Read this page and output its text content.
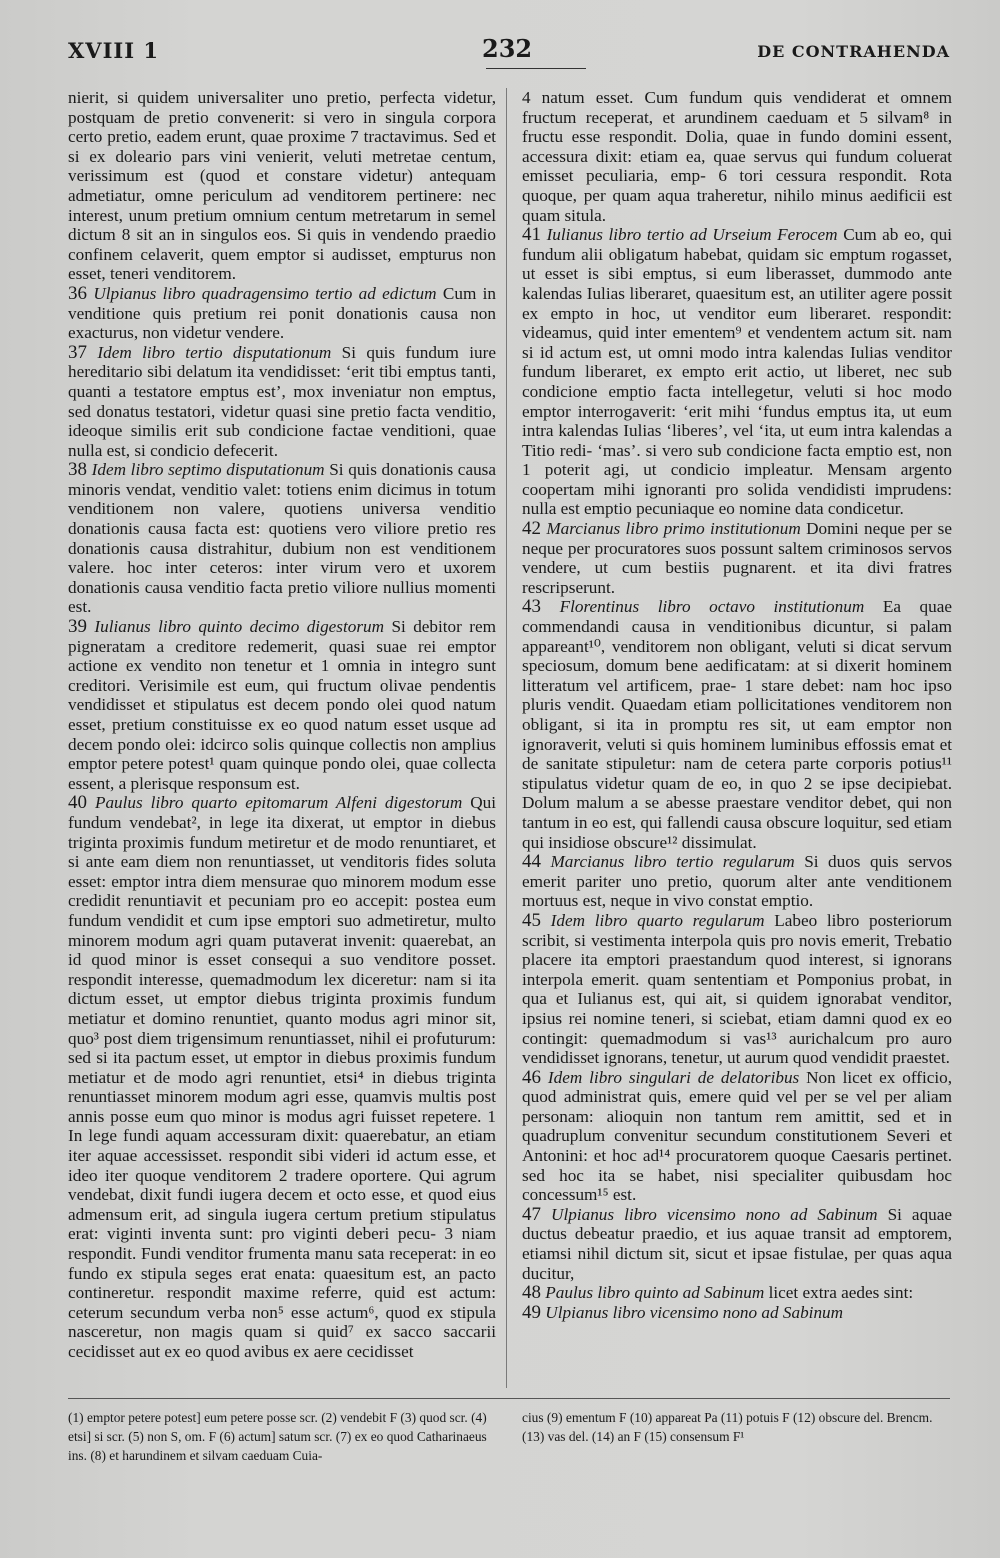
XVIII 1	232	DE CONTRAHENDA

nierit, si quidem universaliter uno pretio, perfecta videtur, postquam de pretio convenerit: si vero in singula corpora certo pretio, eadem erunt, quae proxime 7 tractavimus. Sed et si ex doleario pars vini venierit, veluti metretae centum, verissimum est (quod et constare videtur) antequam admetiatur, omne periculum ad venditorem pertinere: nec interest, unum pretium omnium centum metretarum in semel dictum 8 sit an in singulos eos. Si quis in vendendo praedio confinem celaverit, quem emptor si audisset, empturus non esset, teneri venditorem.

36 Ulpianus libro quadragensimo tertio ad edictum Cum in venditione quis pretium rei ponit donationis causa non exacturus, non videtur vendere.

37 Idem libro tertio disputationum Si quis fundum iure hereditario sibi delatum ita vendidisset: ‘erit tibi emptus tanti, quanti a testatore emptus est’, mox inveniatur non emptus, sed donatus testatori, videtur quasi sine pretio facta venditio, ideoque similis erit sub condicione factae venditioni, quae nulla est, si condicio defecerit.

38 Idem libro septimo disputationum Si quis donationis causa minoris vendat, venditio valet: totiens enim dicimus in totum venditionem non valere, quotiens universa venditio donationis causa facta est: quotiens vero viliore pretio res donationis causa distrahitur, dubium non est venditionem valere. hoc inter ceteros: inter virum vero et uxorem donationis causa venditio facta pretio viliore nullius momenti est.

39 Iulianus libro quinto decimo digestorum Si debitor rem pigneratam a creditore redemerit, quasi suae rei emptor actione ex vendito non tenetur et 1 omnia in integro sunt creditori. Verisimile est eum, qui fructum olivae pendentis vendidisset et stipulatus est decem pondo olei quod natum esset, pretium constituisse ex eo quod natum esset usque ad decem pondo olei: idcirco solis quinque collectis non amplius emptor petere potest¹ quam quinque pondo olei, quae collecta essent, a plerisque responsum est.

40 Paulus libro quarto epitomarum Alfeni digestorum Qui fundum vendebat², in lege ita dixerat, ut emptor in diebus triginta proximis fundum metiretur et de modo renuntiaret, et si ante eam diem non renuntiasset, ut venditoris fides soluta esset: emptor intra diem mensurae quo minorem modum esse credidit renuntiavit et pecuniam pro eo accepit: postea eum fundum vendidit et cum ipse emptori suo admetiretur, multo minorem modum agri quam putaverat invenit: quaerebat, an id quod minor is esset consequi a suo venditore posset. respondit interesse, quemadmodum lex diceretur: nam si ita dictum esset, ut emptor diebus triginta proximis fundum metiatur et domino renuntiet, quanto modus agri minor sit, quo³ post diem trigensimum renuntiasset, nihil ei profuturum: sed si ita pactum esset, ut emptor in diebus proximis fundum metiatur et de modo agri renuntiet, etsi⁴ in diebus triginta renuntiasset minorem modum agri esse, quamvis multis post annis posse eum quo minor is modus agri fuisset repetere. 1 In lege fundi aquam accessuram dixit: quaerebatur, an etiam iter aquae accessisset. respondit sibi videri id actum esse, et ideo iter quoque venditorem 2 tradere oportere. Qui agrum vendebat, dixit fundi iugera decem et octo esse, et quod eius admensum erit, ad singula iugera certum pretium stipulatus erat: viginti inventa sunt: pro viginti deberi pecu- 3 niam respondit. Fundi venditor frumenta manu sata receperat: in eo fundo ex stipula seges erat enata: quaesitum est, an pacto contineretur. respondit maxime referre, quid est actum: ceterum secundum verba non⁵ esse actum⁶, quod ex stipula nasceretur, non magis quam si quid⁷ ex sacco saccarii cecidisset aut ex eo quod avibus ex aere cecidisset

4 natum esset. Cum fundum quis vendiderat et omnem fructum receperat, et arundinem caeduam et 5 silvam⁸ in fructu esse respondit. Dolia, quae in fundo domini essent, accessura dixit: etiam ea, quae servus qui fundum coluerat emisset peculiaria, emp- 6 tori cessura respondit. Rota quoque, per quam aqua traheretur, nihilo minus aedificii est quam situla.

41 Iulianus libro tertio ad Urseium Ferocem Cum ab eo, qui fundum alii obligatum habebat, quidam sic emptum rogasset, ut esset is sibi emptus, si eum liberasset, dummodo ante kalendas Iulias liberaret, quaesitum est, an utiliter agere possit ex empto in hoc, ut venditor eum liberaret. respondit: videamus, quid inter ementem⁹ et vendentem actum sit. nam si id actum est, ut omni modo intra kalendas Iulias venditor fundum liberaret, ex empto erit actio, ut liberet, nec sub condicione emptio facta intellegetur, veluti si hoc modo emptor interrogaverit: ‘erit mihi ‘fundus emptus ita, ut eum intra kalendas Iulias ‘liberes’, vel ‘ita, ut eum intra kalendas a Titio redi- ‘mas’. si vero sub condicione facta emptio est, non 1 poterit agi, ut condicio impleatur. Mensam argento coopertam mihi ignoranti pro solida vendidisti imprudens: nulla est emptio pecuniaque eo nomine data condicetur.

42 Marcianus libro primo institutionum Domini neque per se neque per procuratores suos possunt saltem criminosos servos vendere, ut cum bestiis pugnarent. et ita divi fratres rescripserunt.

43 Florentinus libro octavo institutionum Ea quae commendandi causa in venditionibus dicuntur, si palam appareant¹⁰, venditorem non obligant, veluti si dicat servum speciosum, domum bene aedificatam: at si dixerit hominem litteratum vel artificem, prae- 1 stare debet: nam hoc ipso pluris vendit. Quaedam etiam pollicitationes venditorem non obligant, si ita in promptu res sit, ut eam emptor non ignoraverit, veluti si quis hominem luminibus effossis emat et de sanitate stipuletur: nam de cetera parte corporis potius¹¹ stipulatus videtur quam de eo, in quo 2 se ipse decipiebat. Dolum malum a se abesse praestare venditor debet, qui non tantum in eo est, qui fallendi causa obscure loquitur, sed etiam qui insidiose obscure¹² dissimulat.

44 Marcianus libro tertio regularum Si duos quis servos emerit pariter uno pretio, quorum alter ante venditionem mortuus est, neque in vivo constat emptio.

45 Idem libro quarto regularum Labeo libro posteriorum scribit, si vestimenta interpola quis pro novis emerit, Trebatio placere ita emptori praestandum quod interest, si ignorans interpola emerit. quam sententiam et Pomponius probat, in qua et Iulianus est, qui ait, si quidem ignorabat venditor, ipsius rei nomine teneri, si sciebat, etiam damni quod ex eo contingit: quemadmodum si vas¹³ aurichalcum pro auro vendidisset ignorans, tenetur, ut aurum quod vendidit praestet.

46 Idem libro singulari de delatoribus Non licet ex officio, quod administrat quis, emere quid vel per se vel per aliam personam: alioquin non tantum rem amittit, sed et in quadruplum convenitur secundum constitutionem Severi et Antonini: et hoc ad¹⁴ procuratorem quoque Caesaris pertinet. sed hoc ita se habet, nisi specialiter quibusdam hoc concessum¹⁵ est.

47 Ulpianus libro vicensimo nono ad Sabinum Si aquae ductus debeatur praedio, et ius aquae transit ad emptorem, etiamsi nihil dictum sit, sicut et ipsae fistulae, per quas aqua ducitur,

48 Paulus libro quinto ad Sabinum licet extra aedes sint:

49 Ulpianus libro vicensimo nono ad Sabinum

(1) emptor petere potest] eum petere posse scr. (2) vendebit F (3) quod scr. (4) etsi] si scr. (5) non S, om. F (6) actum] satum scr. (7) ex eo quod Catharinaeus ins. (8) et harundinem et silvam caeduam Cuia-
cius (9) ementum F (10) appareat Pa (11) potuis F (12) obscure del. Brencm. (13) vas del. (14) an F (15) consensum F¹
